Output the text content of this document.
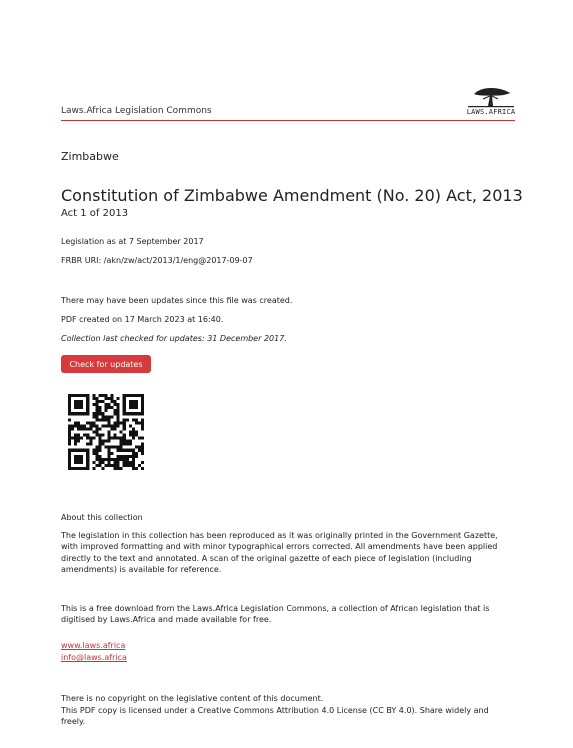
Laws.Africa Legislation Commons	LAWS.AFRICA
Zimbabwe
Constitution of Zimbabwe Amendment (No. 20) Act, 2013
Act 1 of 2013
Legislation as at 7 September 2017
FRBR URI: /akn/zw/act/2013/1/eng@2017-09-07
There may have been updates since this file was created.
PDF created on 17 March 2023 at 16:40.
Collection last checked for updates: 31 December 2017.
Check for updates
About this collection
The legislation in this collection has been reproduced as it was originally printed in the Government Gazette, with improved formatting and with minor typographical errors corrected. All amendments have been applied directly to the text and annotated. A scan of the original gazette of each piece of legislation (including amendments) is available for reference.
This is a free download from the Laws.Africa Legislation Commons, a collection of African legislation that is digitised by Laws.Africa and made available for free.
www.laws.africa
info@laws.africa
There is no copyright on the legislative content of this document.
This PDF copy is licensed under a Creative Commons Attribution 4.0 License (CC BY 4.0). Share widely and freely.
